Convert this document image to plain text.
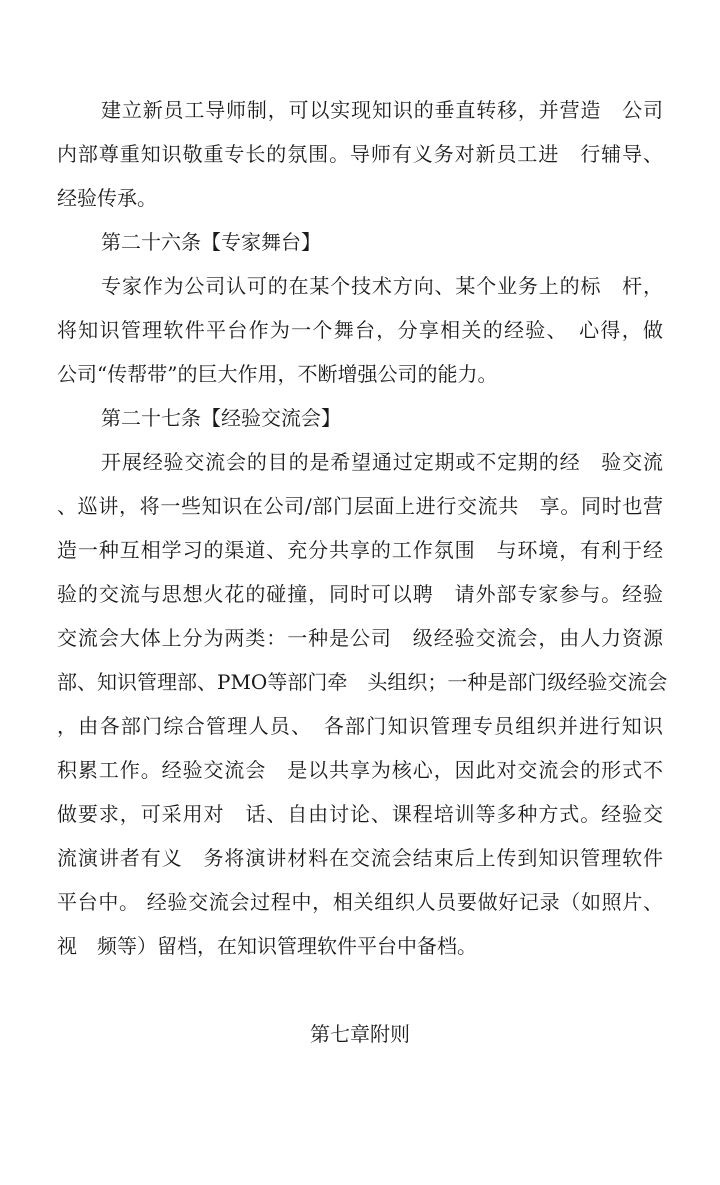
建立新员工导师制，可以实现知识的垂直转移，并营造　公司
内部尊重知识敬重专长的氛围。导师有义务对新员工进　行辅导、
经验传承。
第二十六条【专家舞台】
专家作为公司认可的在某个技术方向、某个业务上的标　杆，
将知识管理软件平台作为一个舞台，分享相关的经验、　心得，做
公司“传帮带”的巨大作用，不断增强公司的能力。
第二十七条【经验交流会】
开展经验交流会的目的是希望通过定期或不定期的经　验交流
、巡讲，将一些知识在公司/部门层面上进行交流共　享。同时也营
造一种互相学习的渠道、充分共享的工作氛围　与环境，有利于经
验的交流与思想火花的碰撞，同时可以聘　请外部专家参与。经验
交流会大体上分为两类：一种是公司　级经验交流会，由人力资源
部、知识管理部、PMO等部门牵　头组织；一种是部门级经验交流会
，由各部门综合管理人员、　各部门知识管理专员组织并进行知识
积累工作。经验交流会　是以共享为核心，因此对交流会的形式不
做要求，可采用对　话、自由讨论、课程培训等多种方式。经验交
流演讲者有义　务将演讲材料在交流会结束后上传到知识管理软件
平台中。 经验交流会过程中，相关组织人员要做好记录（如照片、
视　频等）留档，在知识管理软件平台中备档。
第七章附则
